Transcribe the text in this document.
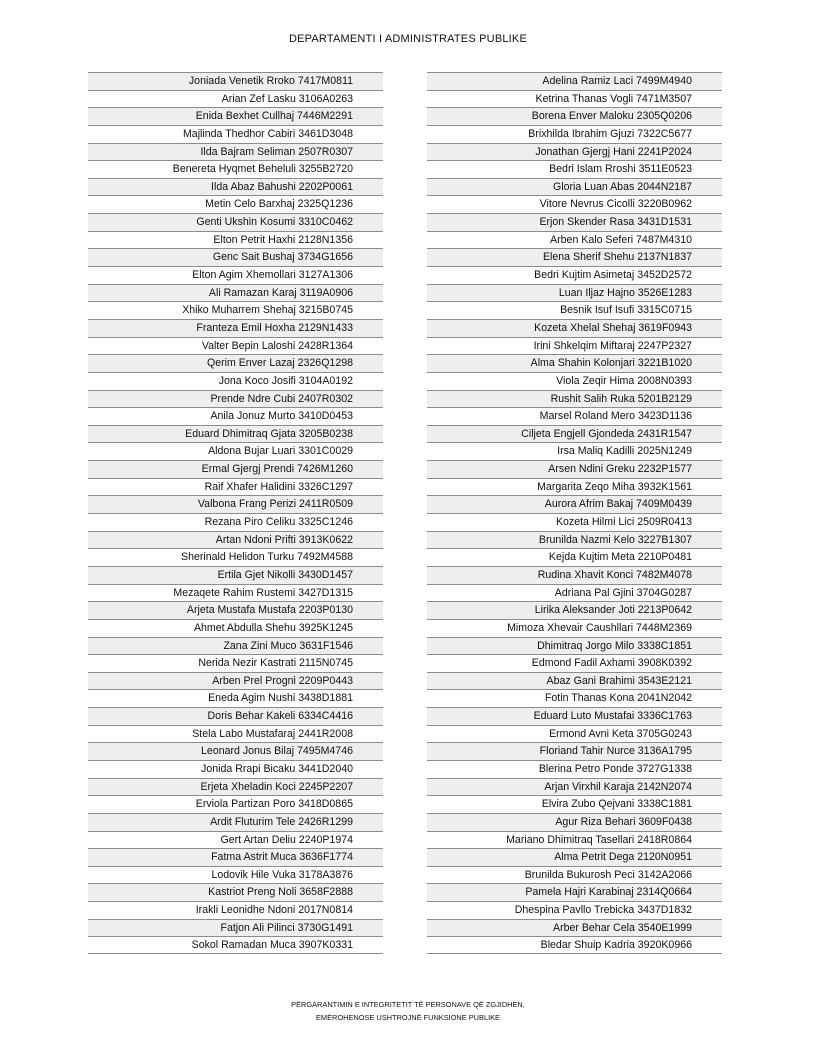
DEPARTAMENTI I ADMINISTRATES PUBLIKE
Joniada Venetik Rroko 7417M0811
Arian Zef Lasku 3106A0263
Enida Bexhet Cullhaj 7446M2291
Majlinda Thedhor Cabiri 3461D3048
Ilda Bajram Seliman 2507R0307
Benereta Hyqmet Beheluli 3255B2720
Ilda Abaz Bahushi 2202P0061
Metin Celo Barxhaj 2325Q1236
Genti Ukshin Kosumi 3310C0462
Elton Petrit Haxhi 2128N1356
Genc Sait Bushaj 3734G1656
Elton Agim Xhemollari 3127A1306
Ali Ramazan Karaj 3119A0906
Xhiko Muharrem Shehaj 3215B0745
Franteza Emil Hoxha 2129N1433
Valter Bepin Laloshi 2428R1364
Qerim Enver Lazaj 2326Q1298
Jona Koco Josifi 3104A0192
Prende Ndre Cubi 2407R0302
Anila Jonuz Murto 3410D0453
Eduard Dhimitraq Gjata 3205B0238
Aldona Bujar Luari 3301C0029
Ermal Gjergj Prendi 7426M1260
Raif Xhafer Halidini 3326C1297
Valbona Frang Perizi 2411R0509
Rezana Piro Celiku 3325C1246
Artan Ndoni Prifti 3913K0622
Sherinald Helidon Turku 7492M4588
Ertila Gjet Nikolli 3430D1457
Mezaqete Rahim Rustemi 3427D1315
Arjeta Mustafa Mustafa 2203P0130
Ahmet Abdulla Shehu 3925K1245
Zana Zini Muco 3631F1546
Nerida Nezir Kastrati 2115N0745
Arben Prel Progni 2209P0443
Eneda Agim Nushi 3438D1881
Doris Behar Kakeli 6334C4416
Stela Labo Mustafaraj 2441R2008
Leonard Jonus Bilaj 7495M4746
Jonida Rrapi Bicaku 3441D2040
Erjeta Xheladin Koci 2245P2207
Erviola Partizan Poro 3418D0865
Ardit Fluturim Tele 2426R1299
Gert Artan Deliu 2240P1974
Fatma Astrit Muca 3636F1774
Lodovik Hile Vuka 3178A3876
Kastriot Preng Noli 3658F2888
Irakli Leonidhe Ndoni 2017N0814
Fatjon Ali Pilinci 3730G1491
Sokol Ramadan Muca 3907K0331
Adelina Ramiz Laci 7499M4940
Ketrina Thanas Vogli 7471M3507
Borena Enver Maloku 2305Q0206
Brixhilda Ibrahim Gjuzi 7322C5677
Jonathan Gjergj Hani 2241P2024
Bedri Islam Rroshi 3511E0523
Gloria Luan Abas 2044N2187
Vitore Nevrus Cicolli 3220B0962
Erjon Skender Rasa 3431D1531
Arben Kalo Seferi 7487M4310
Elena Sherif Shehu 2137N1837
Bedri Kujtim Asimetaj 3452D2572
Luan Iljaz Hajno 3526E1283
Besnik Isuf Isufi 3315C0715
Kozeta Xhelal Shehaj 3619F0943
Irini Shkelqim Miftaraj 2247P2327
Alma Shahin Kolonjari 3221B1020
Viola Zeqir Hima 2008N0393
Rushit Salih Ruka 5201B2129
Marsel Roland Mero 3423D1136
Ciljeta Engjell Gjondeda 2431R1547
Irsa Maliq Kadilli 2025N1249
Arsen Ndini Greku 2232P1577
Margarita Zeqo Miha 3932K1561
Aurora Afrim Bakaj 7409M0439
Kozeta Hilmi Lici 2509R0413
Brunilda Nazmi Kelo 3227B1307
Kejda Kujtim Meta 2210P0481
Rudina Xhavit Konci 7482M4078
Adriana Pal Gjini 3704G0287
Lirika Aleksander Joti 2213P0642
Mimoza Xhevair Caushllari 7448M2369
Dhimitraq Jorgo Milo 3338C1851
Edmond Fadil Axhami 3908K0392
Abaz Gani Brahimi 3543E2121
Fotin Thanas Kona 2041N2042
Eduard Luto Mustafai 3336C1763
Ermond Avni Keta 3705G0243
Floriand Tahir Nurce 3136A1795
Blerina Petro Ponde 3727G1338
Arjan Virxhil Karaja 2142N2074
Elvira Zubo Qejvani 3338C1881
Agur Riza Behari 3609F0438
Mariano Dhimitraq Tasellari 2418R0864
Alma Petrit Dega 2120N0951
Brunilda Bukurosh Peci 3142A2066
Pamela Hajri Karabinaj 2314Q0664
Dhespina Pavllo Trebicka 3437D1832
Arber Behar Cela 3540E1999
Bledar Shuip Kadria 3920K0966
PËRGARANTIMIN E INTEGRITETIT TË PERSONAVE QË ZGJIDHEN,
EMËROHENOSE USHTROJNË FUNKSIONE PUBLIKE
